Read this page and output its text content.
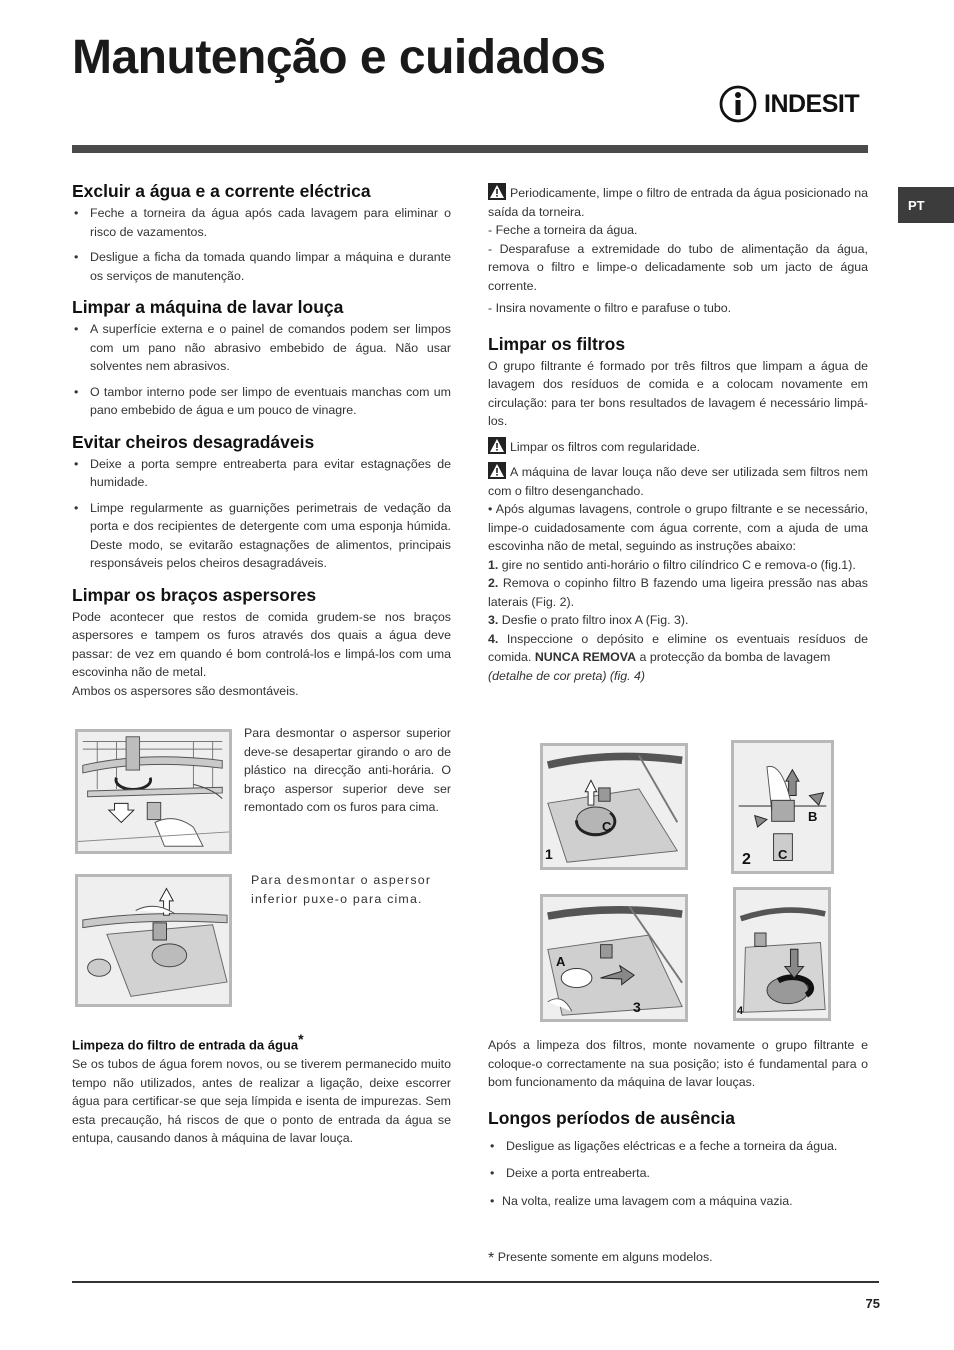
Manutenção e cuidados
INDESIT
PT
Excluir a água e a corrente eléctrica
• Feche a torneira da água após cada lavagem para eliminar o risco de vazamentos.
• Desligue a ficha da tomada quando limpar a máquina e durante os serviços de manutenção.
Limpar a máquina de lavar louça
• A superfície externa e o painel de comandos podem ser limpos com um pano não abrasivo embebido de água. Não usar solventes nem abrasivos.
• O tambor interno pode ser limpo de eventuais manchas com um pano embebido de água e um pouco de vinagre.
Evitar cheiros desagradáveis
• Deixe a porta sempre entreaberta para evitar estagnações de humidade.
• Limpe regularmente as guarnições perimetrais de vedação da porta e dos recipientes de detergente com uma esponja húmida. Deste modo, se evitarão estagnações de alimentos, principais responsáveis pelos cheiros desagradáveis.
Limpar os braços aspersores

Pode acontecer que restos de comida grudem-se nos braços aspersores e tampem os furos através dos quais a água deve passar: de vez em quando é bom controlá-los e limpá-los com uma escovinha não de metal.

Ambos os aspersores são desmontáveis.

Para desmontar o aspersor superior deve-se desapertar girando o aro de plástico na direcção anti-horária. O braço aspersor superior deve ser remontado com os furos para cima.
Para desmontar o aspersor inferior puxe-o para cima.
Limpeza do filtro de entrada da água*

Se os tubos de água forem novos, ou se tiverem permanecido muito tempo não utilizados, antes de realizar a ligação, deixe escorrer água para certificar-se que seja límpida e isenta de impurezas. Sem esta precaução, há riscos de que o ponto de entrada da água se entupa, causando danos à máquina de lavar louça.

Periodicamente, limpe o filtro de entrada da água posicionado na saída da torneira.

- Feche a torneira da água.

- Desparafuse a extremidade do tubo de alimentação da água, remova o filtro e limpe-o delicadamente sob um jacto de água corrente.

- Insira novamente o filtro e parafuse o tubo.

Limpar os filtros

O grupo filtrante é formado por três filtros que limpam a água de lavagem dos resíduos de comida e a colocam novamente em circulação: para ter bons resultados de lavagem é necessário limpá-los.

Limpar os filtros com regularidade.

A máquina de lavar louça não deve ser utilizada sem filtros nem com o filtro desenganchado.

• Após algumas lavagens, controle o grupo filtrante e se necessário, limpe-o cuidadosamente com água corrente, com a ajuda de uma escovinha não de metal, seguindo as instruções abaixo:

1. gire no sentido anti-horário o filtro cilíndrico C e remova-o (fig.1).

2. Remova o copinho filtro B fazendo uma ligeira pressão nas abas laterais (Fig. 2).

3. Desfie o prato filtro inox A (Fig. 3).

4. Inspeccione o depósito e elimine os eventuais resíduos de comida. NUNCA REMOVA a protecção da bomba de lavagem
(detalhe de cor preta) (fig. 4)

1
C
2
B
C
A
3	4

Após a limpeza dos filtros, monte novamente o grupo filtrante e coloque-o correctamente na sua posição; isto é fundamental para o bom funcionamento da máquina de lavar louças.

Longos períodos de ausência
• Desligue as ligações eléctricas e a feche a torneira da água.
• Deixe a porta entreaberta.
• Na volta, realize uma lavagem com a máquina vazia.
* Presente somente em alguns modelos.
75
